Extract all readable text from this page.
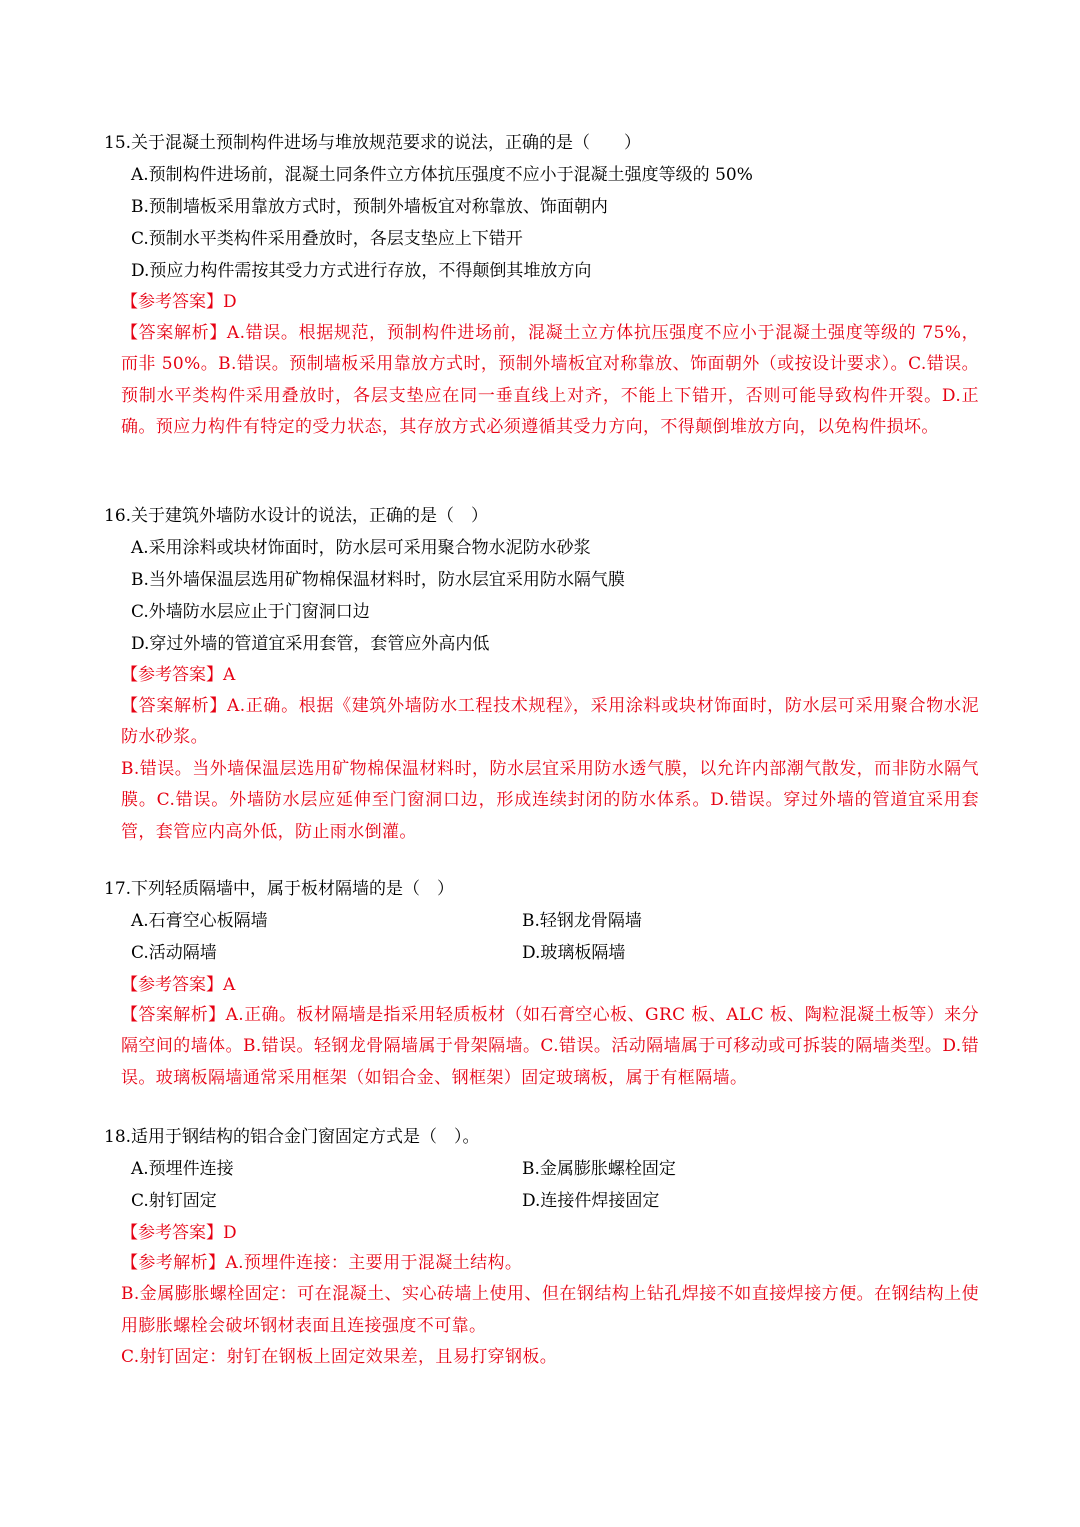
15.关于混凝土预制构件进场与堆放规范要求的说法，正确的是（　　）
A.预制构件进场前，混凝土同条件立方体抗压强度不应小于混凝土强度等级的 50%
B.预制墙板采用靠放方式时，预制外墙板宜对称靠放、饰面朝内
C.预制水平类构件采用叠放时，各层支垫应上下错开
D.预应力构件需按其受力方式进行存放，不得颠倒其堆放方向
【参考答案】D
【答案解析】A.错误。根据规范，预制构件进场前，混凝土立方体抗压强度不应小于混凝土强度等级的 75%，而非 50%。B.错误。预制墙板采用靠放方式时，预制外墙板宜对称靠放、饰面朝外（或按设计要求）。C.错误。预制水平类构件采用叠放时，各层支垫应在同一垂直线上对齐，不能上下错开，否则可能导致构件开裂。D.正确。预应力构件有特定的受力状态，其存放方式必须遵循其受力方向，不得颠倒堆放方向，以免构件损坏。
16.关于建筑外墙防水设计的说法，正确的是（　）
A.采用涂料或块材饰面时，防水层可采用聚合物水泥防水砂浆
B.当外墙保温层选用矿物棉保温材料时，防水层宜采用防水隔气膜
C.外墙防水层应止于门窗洞口边
D.穿过外墙的管道宜采用套管，套管应外高内低
【参考答案】A
【答案解析】A.正确。根据《建筑外墙防水工程技术规程》，采用涂料或块材饰面时，防水层可采用聚合物水泥防水砂浆。
B.错误。当外墙保温层选用矿物棉保温材料时，防水层宜采用防水透气膜，以允许内部潮气散发，而非防水隔气膜。C.错误。外墙防水层应延伸至门窗洞口边，形成连续封闭的防水体系。D.错误。穿过外墙的管道宜采用套管，套管应内高外低，防止雨水倒灌。
17.下列轻质隔墙中，属于板材隔墙的是（　）
A.石膏空心板隔墙	B.轻钢龙骨隔墙
C.活动隔墙	D.玻璃板隔墙
【参考答案】A
【答案解析】A.正确。板材隔墙是指采用轻质板材（如石膏空心板、GRC 板、ALC 板、陶粒混凝土板等）来分隔空间的墙体。B.错误。轻钢龙骨隔墙属于骨架隔墙。C.错误。活动隔墙属于可移动或可拆装的隔墙类型。D.错误。玻璃板隔墙通常采用框架（如铝合金、钢框架）固定玻璃板，属于有框隔墙。
18.适用于钢结构的铝合金门窗固定方式是（　）。
A.预埋件连接	B.金属膨胀螺栓固定
C.射钉固定	D.连接件焊接固定
【参考答案】D
【参考解析】A.预埋件连接：主要用于混凝土结构。
B.金属膨胀螺栓固定：可在混凝土、实心砖墙上使用、但在钢结构上钻孔焊接不如直接焊接方便。在钢结构上使用膨胀螺栓会破坏钢材表面且连接强度不可靠。
C.射钉固定：射钉在钢板上固定效果差，且易打穿钢板。
